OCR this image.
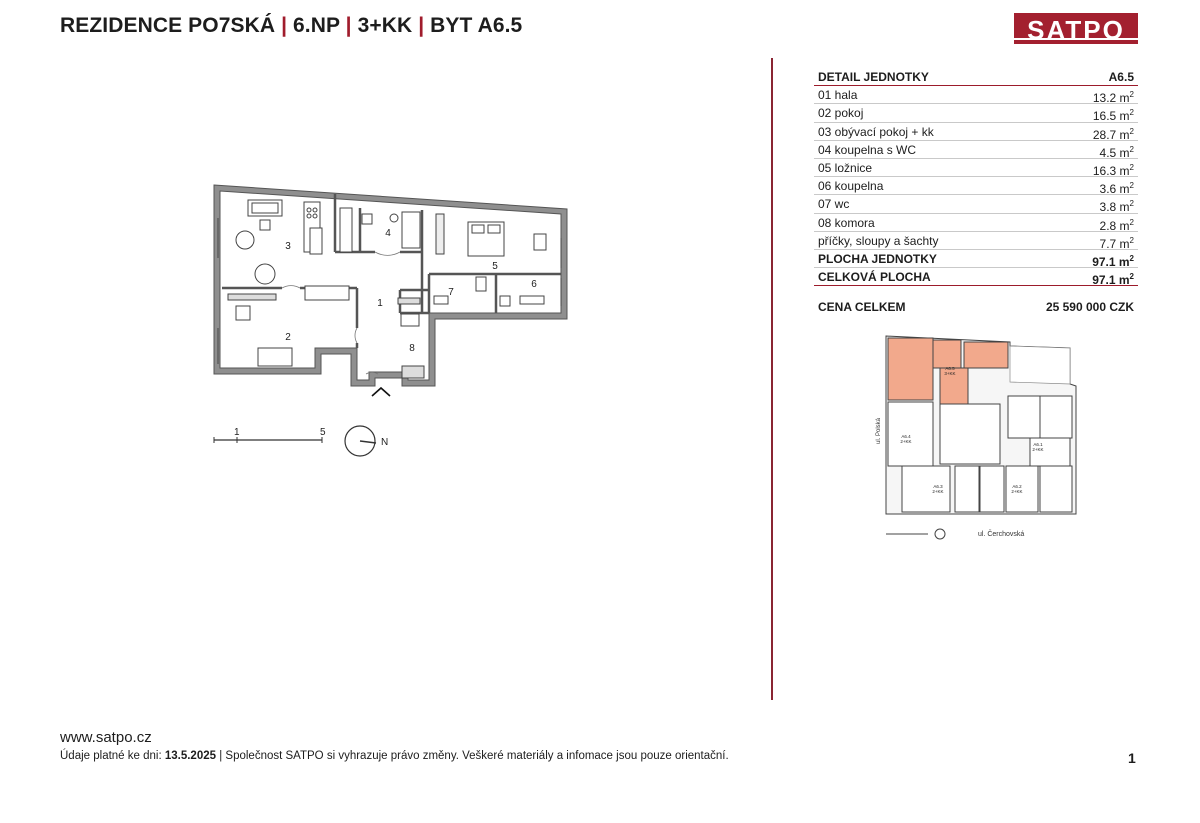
REZIDENCE PO7SKÁ | 6.NP | 3+KK | BYT A6.5	SATPO
1
2
3
4
5
6
7
8
1	5
N
DETAIL JEDNOTKY	A6.5
01 hala	13.2 $m^2$
02 pokoj	16.5 $m^2$
03 obývací pokoj + kk	28.7 $m^2$
04 koupelna s WC	4.5 $m^2$
05 ložnice	16.3 $m^2$
06 koupelna	3.6 $m^2$
07 wc	3.8 $m^2$
08 komora	2.8 $m^2$
příčky, sloupy a šachty	7.7 $m^2$
PLOCHA JEDNOTKY	97.1 $m^2$
CELKOVÁ PLOCHA	97.1 $m^2$
CENA CELKEM	25 590 000 CZK
A6.5
3+KK
A6.4
2+KK
A6.1
2+KK
A6.3
2+KK
A6.2
2+KK
ul. Polská
ul. Čerchovská
www.satpo.cz
Údaje platné ke dni: 13.5.2025 | Společnost SATPO si vyhrazuje právo změny. Veškeré materiály a infomace jsou pouze orientační.	1
